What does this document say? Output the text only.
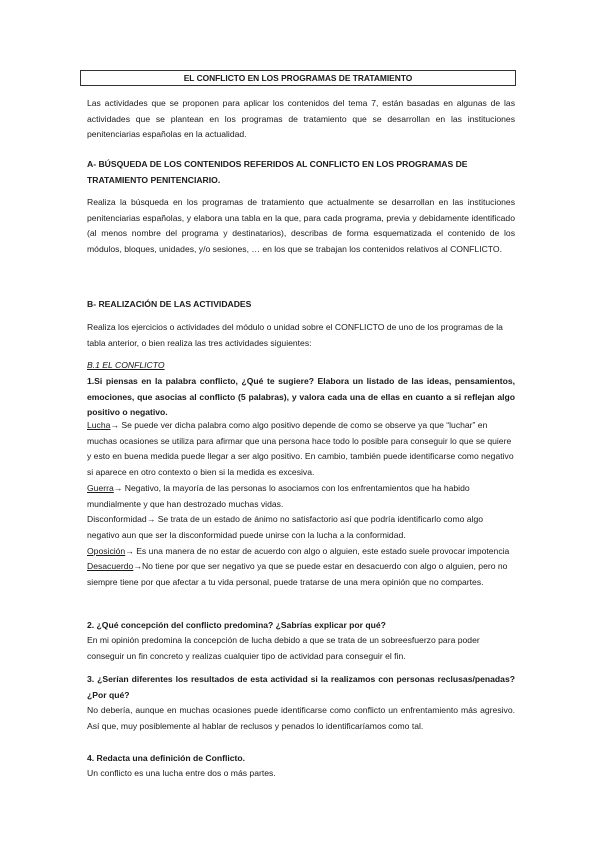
EL CONFLICTO EN LOS PROGRAMAS DE TRATAMIENTO

Las actividades que se proponen para aplicar los contenidos del tema 7, están basadas en algunas de las actividades que se plantean en los programas de tratamiento que se desarrollan en las instituciones penitenciarias españolas en la actualidad.

A- BÚSQUEDA DE LOS CONTENIDOS REFERIDOS AL CONFLICTO EN LOS PROGRAMAS DE TRATAMIENTO PENITENCIARIO.

Realiza la búsqueda en los programas de tratamiento que actualmente se desarrollan en las instituciones penitenciarias españolas, y elabora una tabla en la que, para cada programa, previa y debidamente identificado (al menos nombre del programa y destinatarios), describas de forma esquematizada el contenido de los módulos, bloques, unidades, y/o sesiones, … en los que se trabajan los contenidos relativos al CONFLICTO.

B- REALIZACIÓN DE LAS ACTIVIDADES

Realiza los ejercicios o actividades del módulo o unidad sobre el CONFLICTO de uno de los programas de la tabla anterior, o bien realiza las tres actividades siguientes:

B.1 EL CONFLICTO

1.Si piensas en la palabra conflicto, ¿Qué te sugiere? Elabora un listado de las ideas, pensamientos, emociones, que asocias al conflicto (5 palabras), y valora cada una de ellas en cuanto a si reflejan algo positivo o negativo.

Lucha→ Se puede ver dicha palabra como algo positivo depende de como se observe ya que “luchar” en muchas ocasiones se utiliza para afirmar que una persona hace todo lo posible para conseguir lo que se quiere y esto en buena medida puede llegar a ser algo positivo. En cambio, también puede identificarse como negativo si aparece en otro contexto o bien si la medida es excesiva.

Guerra→ Negativo, la mayoría de las personas lo asociamos con los enfrentamientos que ha habido mundialmente y que han destrozado muchas vidas.

Disconformidad→ Se trata de un estado de ánimo no satisfactorio así que podría identificarlo como algo negativo aun que ser la disconformidad puede unirse con la lucha a la conformidad.

Oposición→ Es una manera de no estar de acuerdo con algo o alguien, este estado suele provocar impotencia

Desacuerdo→No tiene por que ser negativo ya que se puede estar en desacuerdo con algo o alguien, pero no siempre tiene por que afectar a tu vida personal, puede tratarse de una mera opinión que no compartes.

2. ¿Qué concepción del conflicto predomina? ¿Sabrías explicar por qué?

En mi opinión predomina la concepción de lucha debido a que se trata de un sobreesfuerzo para poder conseguir un fin concreto y realizas cualquier tipo de actividad para conseguir el fin.

3. ¿Serían diferentes los resultados de esta actividad si la realizamos con personas reclusas/penadas? ¿Por qué?

No debería, aunque en muchas ocasiones puede identificarse como conflicto un enfrentamiento más agresivo. Así que, muy posiblemente al hablar de reclusos y penados lo identificaríamos como tal.

4. Redacta una definición de Conflicto.

Un conflicto es una lucha entre dos o más partes.
